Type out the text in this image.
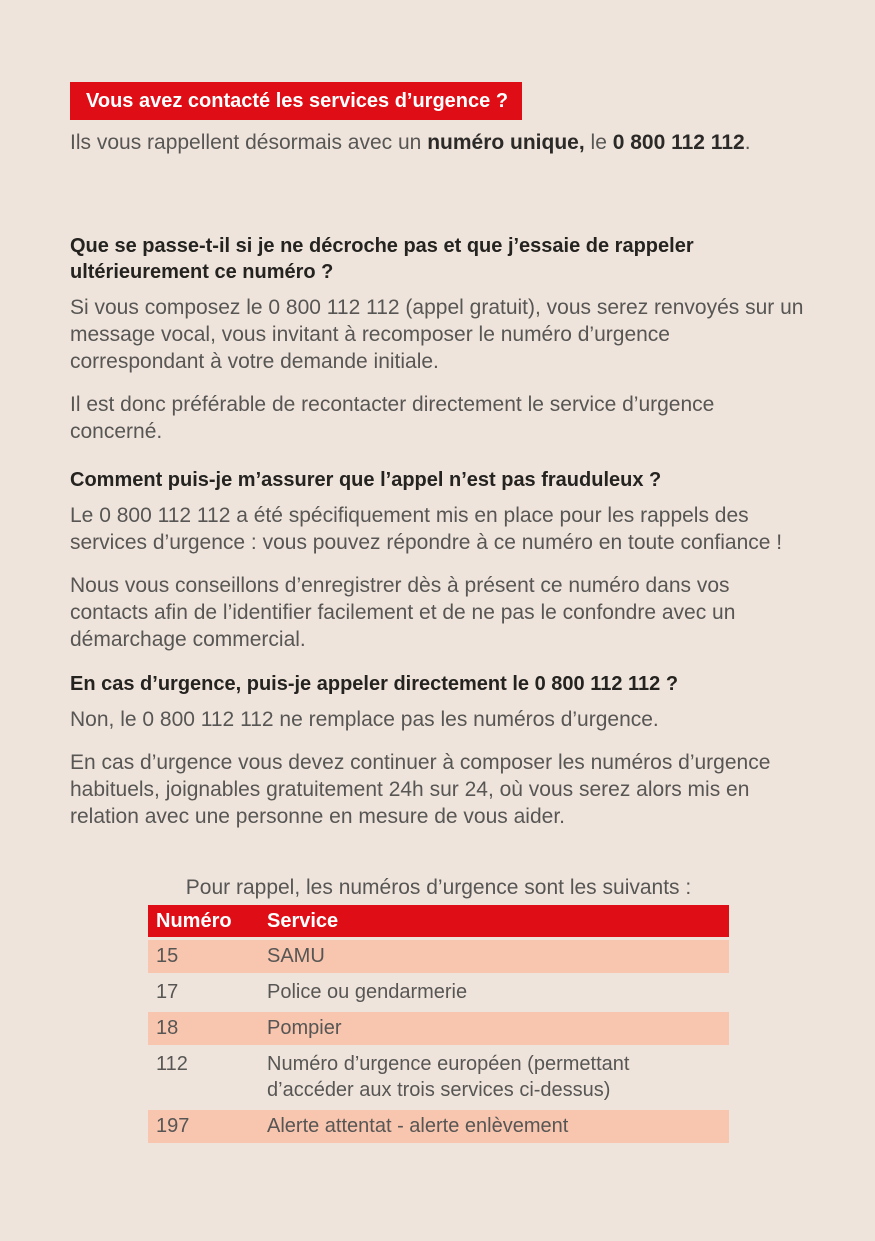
Vous avez contacté les services d’urgence ?

Ils vous rappellent désormais avec un numéro unique, le 0 800 112 112.

Que se passe-t-il si je ne décroche pas et que j’essaie de rappeler ultérieurement ce numéro ?

Si vous composez le 0 800 112 112 (appel gratuit), vous serez renvoyés sur un message vocal, vous invitant à recomposer le numéro d’urgence correspondant à votre demande initiale.

Il est donc préférable de recontacter directement le service d’urgence concerné.

Comment puis-je m’assurer que l’appel n’est pas frauduleux ?

Le 0 800 112 112 a été spécifiquement mis en place pour les rappels des services d’urgence : vous pouvez répondre à ce numéro en toute confiance !

Nous vous conseillons d’enregistrer dès à présent ce numéro dans vos contacts afin de l’identifier facilement et de ne pas le confondre avec un démarchage commercial.

En cas d’urgence, puis-je appeler directement le 0 800 112 112 ?

Non, le 0 800 112 112 ne remplace pas les numéros d’urgence.

En cas d’urgence vous devez continuer à composer les numéros d’urgence habituels, joignables gratuitement 24h sur 24, où vous serez alors mis en relation avec une personne en mesure de vous aider.

Pour rappel, les numéros d’urgence sont les suivants :

Numéro	Service
15	SAMU
17	Police ou gendarmerie
18	Pompier
112	Numéro d’urgence européen (permettant d’accéder aux trois services ci-dessus)
197	Alerte attentat - alerte enlèvement
